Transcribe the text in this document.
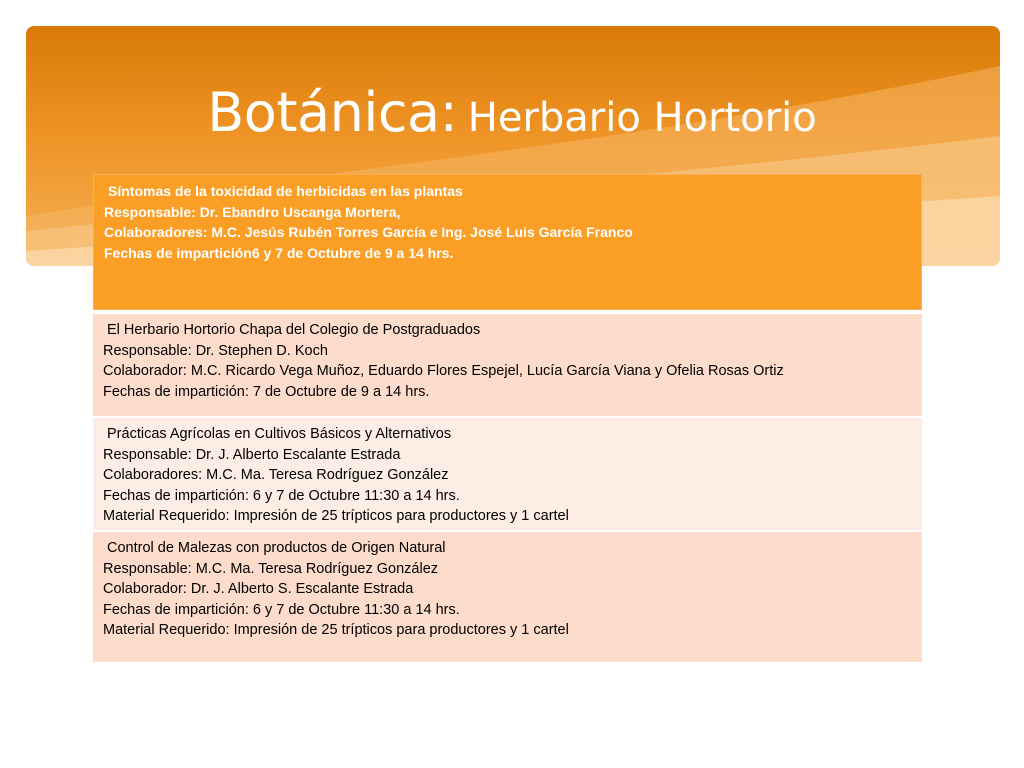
Botánica: Herbario Hortorio
Síntomas de la toxicidad de herbicidas en las plantas
Responsable: Dr. Ebandro Uscanga Mortera,
Colaboradores: M.C. Jesús Rubén Torres García e Ing. José Luis García Franco
Fechas de impartición6 y 7 de Octubre de 9 a 14 hrs.
El Herbario Hortorio Chapa del Colegio de Postgraduados
Responsable: Dr. Stephen D. Koch
Colaborador: M.C. Ricardo Vega Muñoz, Eduardo Flores Espejel, Lucía García Viana y Ofelia Rosas Ortiz
Fechas de impartición: 7 de Octubre de 9 a 14 hrs.
Prácticas Agrícolas en Cultivos Básicos y Alternativos
Responsable: Dr. J. Alberto Escalante Estrada
Colaboradores: M.C. Ma. Teresa Rodríguez González
Fechas de impartición: 6 y 7 de Octubre 11:30 a 14 hrs.
Material Requerido: Impresión de 25 trípticos para productores y 1 cartel
Control de Malezas con productos de Origen Natural
Responsable: M.C. Ma. Teresa Rodríguez González
Colaborador: Dr. J. Alberto S. Escalante Estrada
Fechas de impartición: 6 y 7 de Octubre 11:30 a 14 hrs.
Material Requerido: Impresión de 25 trípticos para productores y 1 cartel
